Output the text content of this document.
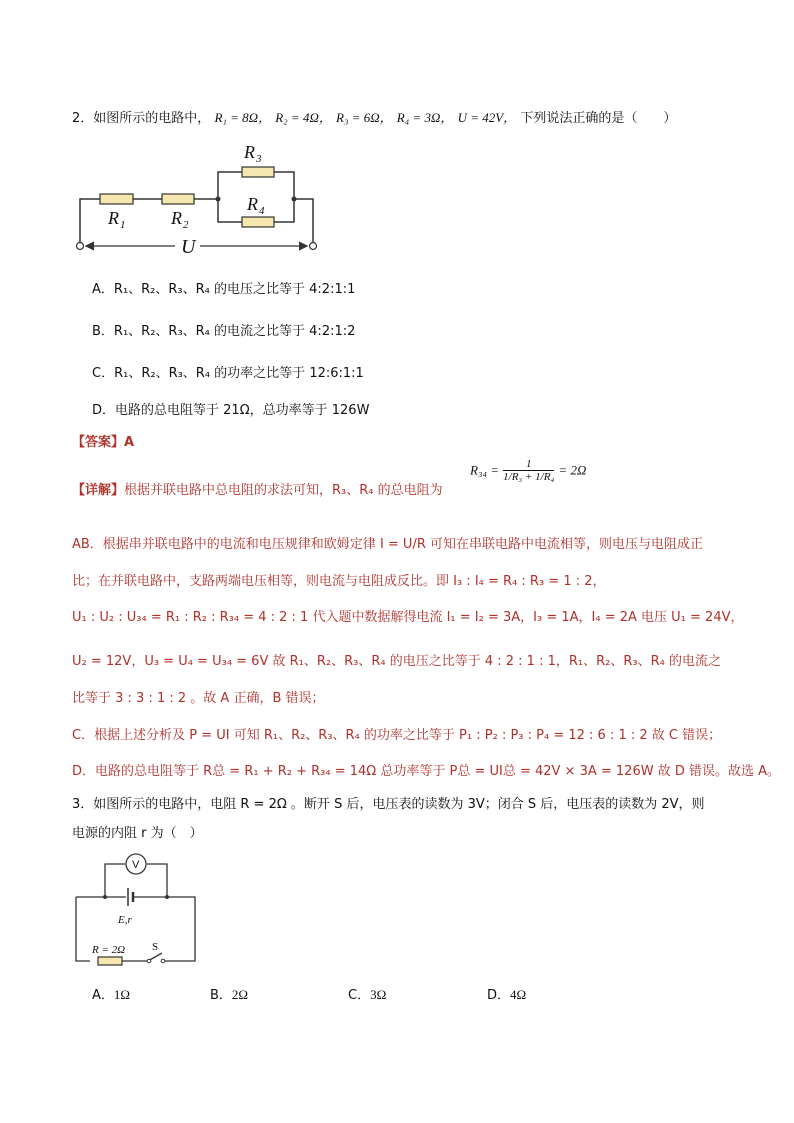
2．如图所示的电路中， R₁ = 8Ω， R₂ = 4Ω， R₃ = 6Ω， R₄ = 3Ω， U = 42V， 下列说法正确的是（　　）
R 1	R 2
R 3
R 4
U
A．R₁、R₂、R₃、R₄ 的电压之比等于 4:2:1:1
B．R₁、R₂、R₃、R₄ 的电流之比等于 4:2:1:2
C．R₁、R₂、R₃、R₄ 的功率之比等于 12:6:1:1
D．电路的总电阻等于 21Ω，总功率等于 126W
【答案】A
【详解】根据并联电路中总电阻的求法可知，R₃、R₄ 的总电阻为
$R_{34} = \frac{1}{\text{1/R₃ + 1/R₄}} = 2\Omega$
AB．根据串并联电路中的电流和电压规律和欧姆定律 I = U/R 可知在串联电路中电流相等，则电压与电阻成正
比；在并联电路中，支路两端电压相等，则电流与电阻成反比。即 I₃ : I₄ = R₄ : R₃ = 1 : 2，
U₁ : U₂ : U₃₄ = R₁ : R₂ : R₃₄ = 4 : 2 : 1 代入题中数据解得电流 I₁ = I₂ = 3A，I₃ = 1A，I₄ = 2A 电压 U₁ = 24V，
U₂ = 12V，U₃ = U₄ = U₃₄ = 6V 故 R₁、R₂、R₃、R₄ 的电压之比等于 4 : 2 : 1 : 1，R₁、R₂、R₃、R₄ 的电流之
比等于 3 : 3 : 1 : 2 。故 A 正确，B 错误；
C．根据上述分析及 P = UI 可知 R₁、R₂、R₃、R₄ 的功率之比等于 P₁ : P₂ : P₃ : P₄ = 12 : 6 : 1 : 2 故 C 错误；
D．电路的总电阻等于 R总 = R₁ + R₂ + R₃₄ = 14Ω 总功率等于 P总 = UI总 = 42V × 3A = 126W 故 D 错误。故选 A。
3．如图所示的电路中，电阻 R = 2Ω 。断开 S 后，电压表的读数为 3V；闭合 S 后，电压表的读数为 2V，则
电源的内阻 r 为（　）
V
E,r
R = 2Ω S
A．1Ω	B．2Ω	C．3Ω	D．4Ω
